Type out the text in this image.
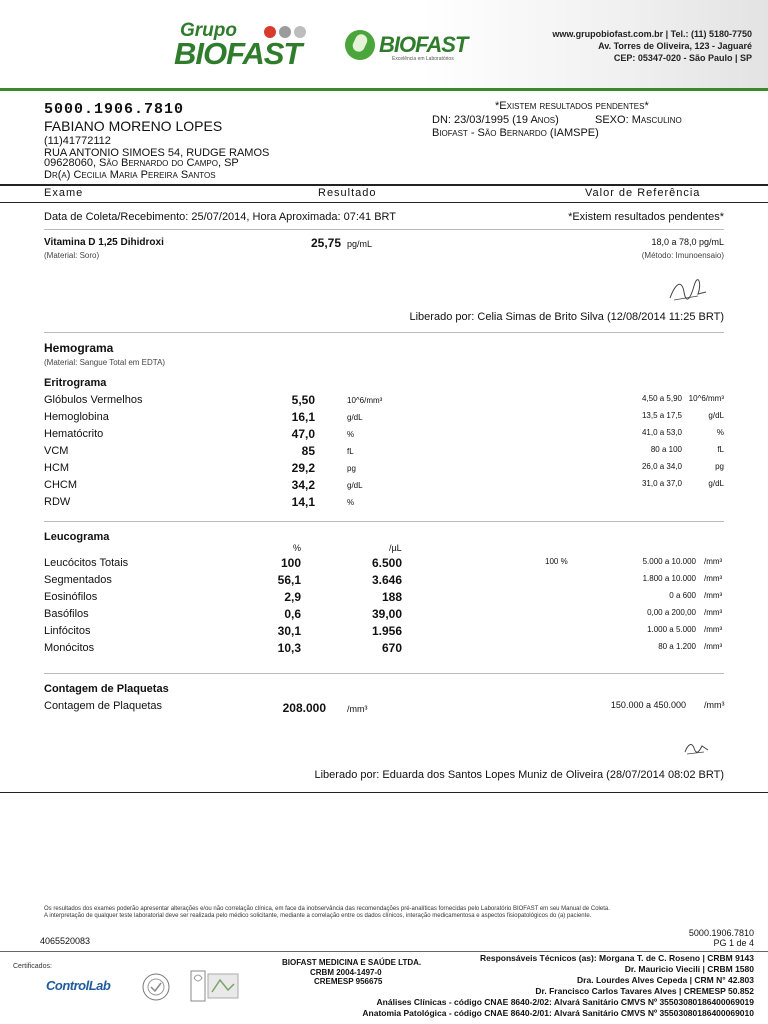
Grupo
BIOFAST	BIOFAST
Excelência em Laboratórios
www.grupobiofast.com.br | Tel.: (11) 5180-7750
Av. Torres de Oliveira, 123 - Jaguaré
CEP: 05347-020 - São Paulo | SP
5000.1906.7810
FABIANO MORENO LOPES
(11)41772112
RUA ANTONIO SIMOES 54, RUDGE RAMOS
09628060, São Bernardo do Campo, SP
Dr(a) Cecilia Maria Pereira Santos
*Existem resultados pendentes*
DN: 23/03/1995 (19 Anos)	SEXO: Masculino
Biofast - São Bernardo (IAMSPE)
Exame	Resultado	Valor de Referência
Data de Coleta/Recebimento: 25/07/2014, Hora Aproximada: 07:41 BRT	*Existem resultados pendentes*
Vitamina D 1,25 Dihidroxi
(Material: Soro)
25,75 pg/mL	18,0 a 78,0 pg/mL
(Método: Imunoensaio)
Liberado por: Celia Simas de Brito Silva (12/08/2014 11:25 BRT)
Hemograma
(Material: Sangue Total em EDTA)
Eritrograma
Glóbulos Vermelhos	5,50	10^6/mm³	4,50 a 5,90 10^6/mm³
Hemoglobina	16,1	g/dL	13,5 a 17,5	g/dL
Hematócrito	47,0	%	41,0 a 53,0	%
VCM	85	fL	80 a 100	fL
HCM	29,2	pg	26,0 a 34,0	pg
CHCM	34,2	g/dL	31,0 a 37,0	g/dL
RDW	14,1	%
Leucograma
%	/µL
Leucócitos Totais	100	6.500	100 %	5.000 a 10.000 /mm³
Segmentados	56,1	3.646	1.800 a 10.000 /mm³
Eosinófilos	2,9	188	0 a 600 /mm³
Basófilos	0,6	39,00	0,00 a 200,00 /mm³
Linfócitos	30,1	1.956	1.000 a 5.000 /mm³
Monócitos	10,3	670	80 a 1.200 /mm³
Contagem de Plaquetas
Contagem de Plaquetas	208.000 /mm³	150.000 a 450.000 /mm³
Liberado por: Eduarda dos Santos Lopes Muniz de Oliveira (28/07/2014 08:02 BRT)
Os resultados dos exames poderão apresentar alterações e/ou não correlação clínica, em face da inobservância das recomendações pré-analíticas fornecidas pelo Laboratório BIOFAST em seu Manual de Coleta.
A interpretação de qualquer teste laboratorial deve ser realizada pelo médico solicitante, mediante a correlação entre os dados clínicos, interação medicamentosa e aspectos fisiopatológicos do (a) paciente.
4065520083
5000.1906.7810
PG 1 de 4
Certificados:
ControlLab
BIOFAST MEDICINA E SAÚDE LTDA.
CRBM 2004-1497-0
CREMESP 956675
Responsáveis Técnicos (as): Morgana T. de C. Roseno | CRBM 9143
Dr. Mauricio Viecili | CRBM 1580
Dra. Lourdes Alves Cepeda | CRM N° 42.803
Dr. Francisco Carlos Tavares Alves | CREMESP 50.852
Análises Clínicas - código CNAE 8640-2/02: Alvará Sanitário CMVS Nº 355030801864000​69019
Anatomia Patológica - código CNAE 8640-2/01: Alvará Sanitário CMVS Nº 355030801864000​69010
